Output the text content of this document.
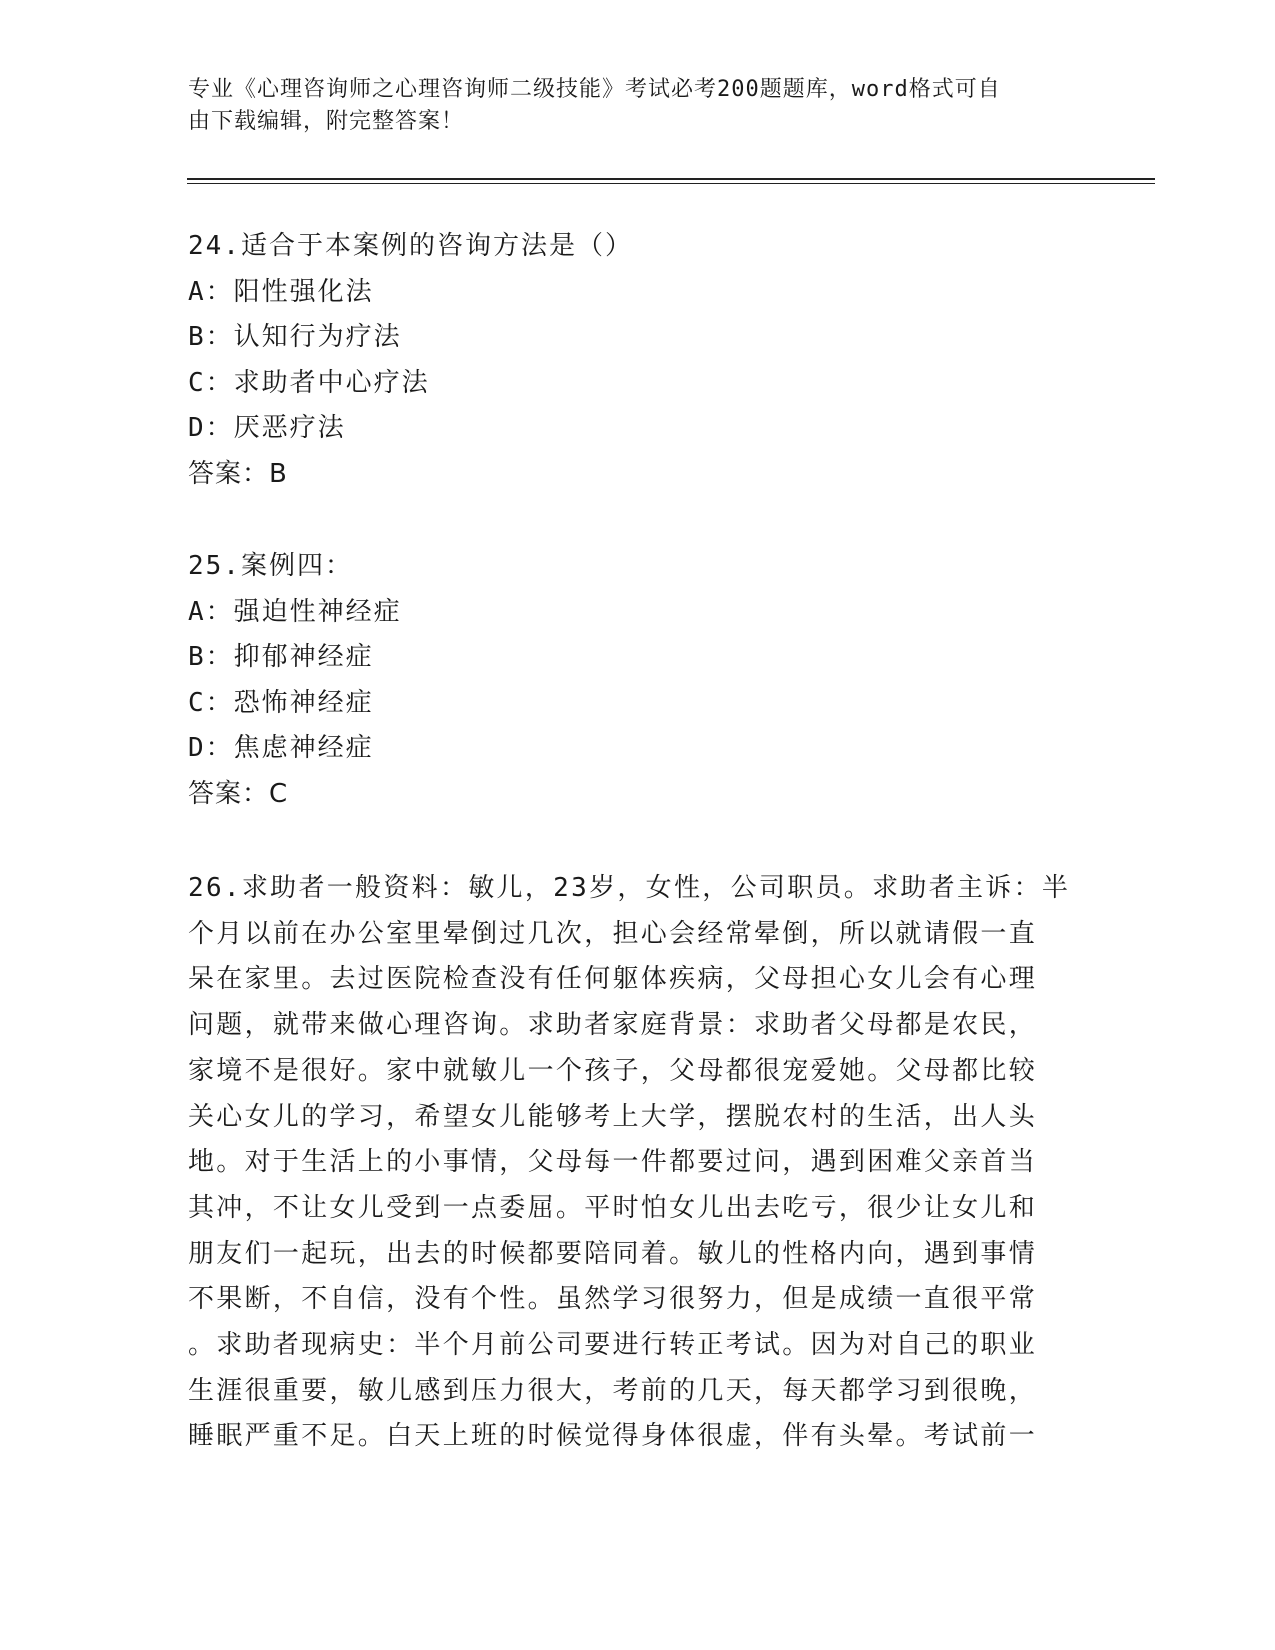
专业《心理咨询师之心理咨询师二级技能》考试必考200题题库，word格式可自
由下载编辑，附完整答案！
24.适合于本案例的咨询方法是（）
A：阳性强化法
B：认知行为疗法
C：求助者中心疗法
D：厌恶疗法
答案：B
25.案例四：
A：强迫性神经症
B：抑郁神经症
C：恐怖神经症
D：焦虑神经症
答案：C
26.求助者一般资料：敏儿，23岁，女性，公司职员。求助者主诉：半
个月以前在办公室里晕倒过几次，担心会经常晕倒，所以就请假一直
呆在家里。去过医院检查没有任何躯体疾病，父母担心女儿会有心理
问题，就带来做心理咨询。求助者家庭背景：求助者父母都是农民，
家境不是很好。家中就敏儿一个孩子，父母都很宠爱她。父母都比较
关心女儿的学习，希望女儿能够考上大学，摆脱农村的生活，出人头
地。对于生活上的小事情，父母每一件都要过问，遇到困难父亲首当
其冲，不让女儿受到一点委屈。平时怕女儿出去吃亏，很少让女儿和
朋友们一起玩，出去的时候都要陪同着。敏儿的性格内向，遇到事情
不果断，不自信，没有个性。虽然学习很努力，但是成绩一直很平常
。求助者现病史：半个月前公司要进行转正考试。因为对自己的职业
生涯很重要，敏儿感到压力很大，考前的几天，每天都学习到很晚，
睡眠严重不足。白天上班的时候觉得身体很虚，伴有头晕。考试前一
